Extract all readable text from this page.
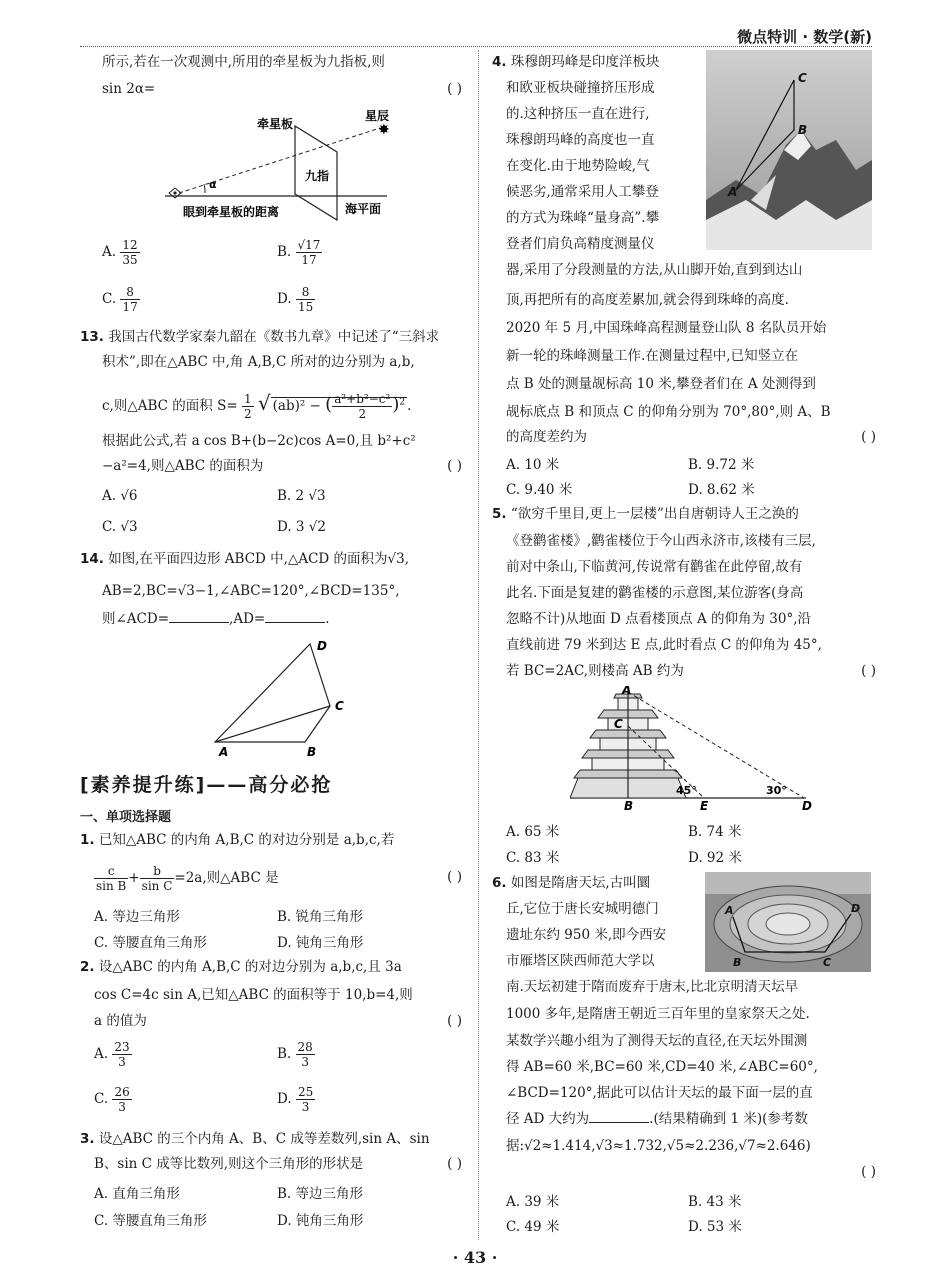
微点特训 · 数学(新)
所示,若在一次观测中,所用的牵星板为九指板,则
sin 2α=	( )
α
牵星板
星辰
✸
九指
眼到牵星板的距离	海平面
A. $\frac{12}{35}$	B. $\frac{√17}{17}$
C. $\frac{8}{17}$	D. $\frac{8}{15}$
13. 我国古代数学家秦九韶在《数书九章》中记述了“三斜求
积术”,即在△ABC 中,角 A,B,C 所对的边分别为 a,b,
c,则△ABC 的面积 $S= \frac{1}{2}$ √ (ab)² − ( $\frac{\text{a²+b²−c²}}{2} )^2$ .
根据此公式,若 a cos B+(b−2c)cos A=0,且 b²+c²
−a²=4,则△ABC 的面积为	( )
A. √6	B. 2 √3
C. √3	D. 3 √2
14. 如图,在平面四边形 ABCD 中,△ACD 的面积为√3,
AB=2,BC=√3−1,∠ABC=120°,∠BCD=135°,
则∠ACD=	,AD=	.
A	B
C
D
[素养提升练]——高分必抢
一、单项选择题
1. 已知△ABC 的内角 A,B,C 的对边分别是 a,b,c,若
$\frac{c}{\text{sin B}} + \frac{b}{\text{sin C}} =2a$,则△ABC 是	( )
A. 等边三角形	B. 锐角三角形
C. 等腰直角三角形	D. 钝角三角形
2. 设△ABC 的内角 A,B,C 的对边分别为 a,b,c,且 3a
cos C=4c sin A,已知△ABC 的面积等于 10,b=4,则
a 的值为	( )
A. $\frac{23}{3}$	B. $\frac{28}{3}$
C. $\frac{26}{3}$	D. $\frac{25}{3}$
3. 设△ABC 的三个内角 A、B、C 成等差数列,sin A、sin
B、sin C 成等比数列,则这个三角形的形状是	( )
A. 直角三角形	B. 等边三角形
C. 等腰直角三角形	D. 钝角三角形
4. 珠穆朗玛峰是印度洋板块
和欧亚板块碰撞挤压形成
的.这种挤压一直在进行,
珠穆朗玛峰的高度也一直
在变化.由于地势险峻,气
候恶劣,通常采用人工攀登
的方式为珠峰“量身高”.攀
登者们肩负高精度测量仪
A
B
C
器,采用了分段测量的方法,从山脚开始,直到到达山
顶,再把所有的高度差累加,就会得到珠峰的高度.
2020 年 5 月,中国珠峰高程测量登山队 8 名队员开始
新一轮的珠峰测量工作.在测量过程中,已知竖立在
点 B 处的测量觇标高 10 米,攀登者们在 A 处测得到
觇标底点 B 和顶点 C 的仰角分别为 70°,80°,则 A、B
的高度差约为	( )
A. 10 米	B. 9.72 米
C. 9.40 米	D. 8.62 米
5. “欲穷千里目,更上一层楼”出自唐朝诗人王之涣的
《登鹳雀楼》,鹳雀楼位于今山西永济市,该楼有三层,
前对中条山,下临黄河,传说常有鹳雀在此停留,故有
此名.下面是复建的鹳雀楼的示意图,某位游客(身高
忽略不计)从地面 D 点看楼顶点 A 的仰角为 30°,沿
直线前进 79 米到达 E 点,此时看点 C 的仰角为 45°,
若 BC=2AC,则楼高 AB 约为	( )
A
C
B	E	D
45°	30°
A. 65 米	B. 74 米
C. 83 米	D. 92 米
6. 如图是隋唐天坛,古叫圜
丘,它位于唐长安城明德门
遗址东约 950 米,即今西安
市雁塔区陕西师范大学以
A
B	C
D
南.天坛初建于隋而废弃于唐末,比北京明清天坛早
1000 多年,是隋唐王朝近三百年里的皇家祭天之处.
某数学兴趣小组为了测得天坛的直径,在天坛外围测
得 AB=60 米,BC=60 米,CD=40 米,∠ABC=60°,
∠BCD=120°,据此可以估计天坛的最下面一层的直
径 AD 大约为	.(结果精确到 1 米)(参考数
据:√2≈1.414,√3≈1.732,√5≈2.236,√7≈2.646)
( )
A. 39 米	B. 43 米
C. 49 米	D. 53 米
· 43 ·
